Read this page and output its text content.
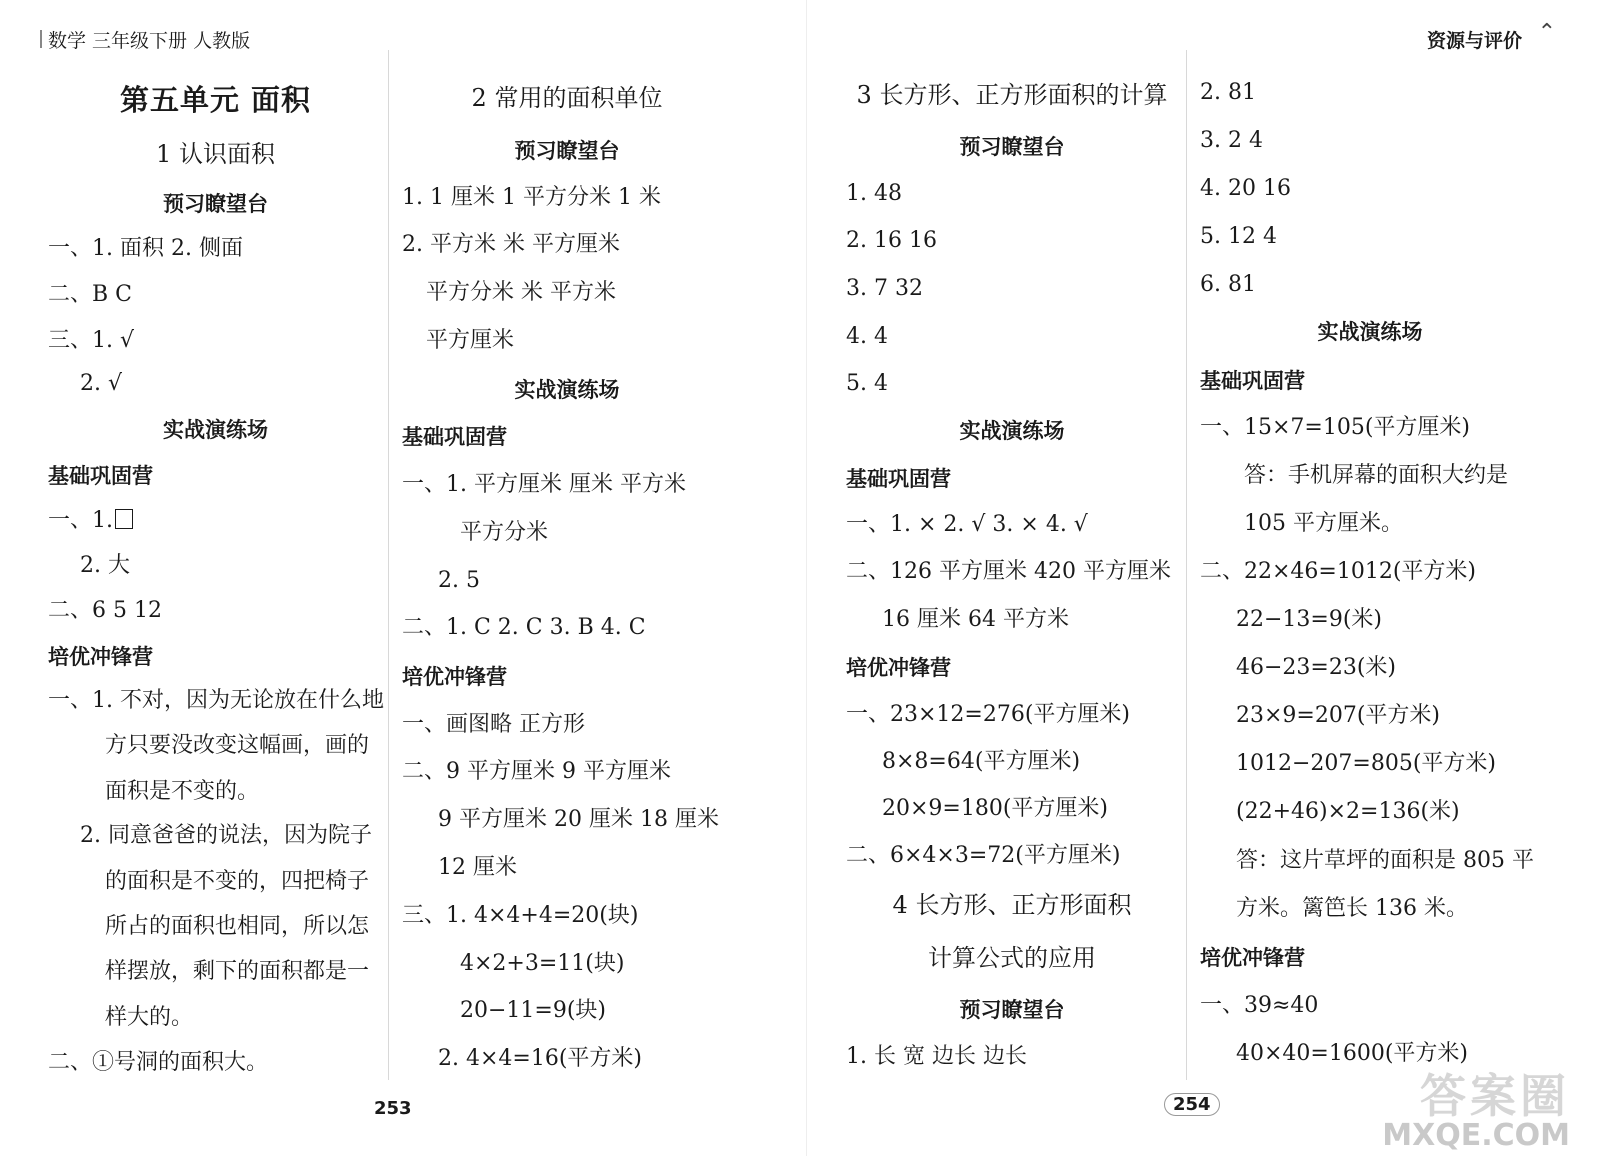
数学 三年级下册 人教版	资源与评价 ⌃
第五单元 面积
1 认识面积
预习瞭望台
一、1. 面积 2. 侧面
二、B C
三、1. √
2. √
实战演练场
基础巩固营
一、1.
2. 大
二、6 5 12
培优冲锋营
一、1. 不对，因为无论放在什么地
方只要没改变这幅画，画的
面积是不变的。
2. 同意爸爸的说法，因为院子
的面积是不变的，四把椅子
所占的面积也相同，所以怎
样摆放，剩下的面积都是一
样大的。
二、①号洞的面积大。
2 常用的面积单位
预习瞭望台
1. 1 厘米 1 平方分米 1 米
2. 平方米 米 平方厘米
平方分米 米 平方米
平方厘米
实战演练场
基础巩固营
一、1. 平方厘米 厘米 平方米
平方分米
2. 5
二、1. C 2. C 3. B 4. C
培优冲锋营
一、画图略 正方形
二、9 平方厘米 9 平方厘米
9 平方厘米 20 厘米 18 厘米
12 厘米
三、1. 4×4+4=20(块)
4×2+3=11(块)
20−11=9(块)
2. 4×4=16(平方米)
3 长方形、正方形面积的计算
预习瞭望台
1. 48
2. 16 16
3. 7 32
4. 4
5. 4
实战演练场
基础巩固营
一、1. × 2. √ 3. × 4. √
二、126 平方厘米 420 平方厘米
16 厘米 64 平方米
培优冲锋营
一、23×12=276(平方厘米)
8×8=64(平方厘米)
20×9=180(平方厘米)
二、6×4×3=72(平方厘米)
4 长方形、正方形面积
计算公式的应用
预习瞭望台
1. 长 宽 边长 边长
2. 81
3. 2 4
4. 20 16
5. 12 4
6. 81
实战演练场
基础巩固营
一、15×7=105(平方厘米)
答：手机屏幕的面积大约是
105 平方厘米。
二、22×46=1012(平方米)
22−13=9(米)
46−23=23(米)
23×9=207(平方米)
1012−207=805(平方米)
(22+46)×2=136(米)
答：这片草坪的面积是 805 平
方米。篱笆长 136 米。
培优冲锋营
一、39≈40
40×40=1600(平方米)
253	254	答案圈
MXQE.COM
